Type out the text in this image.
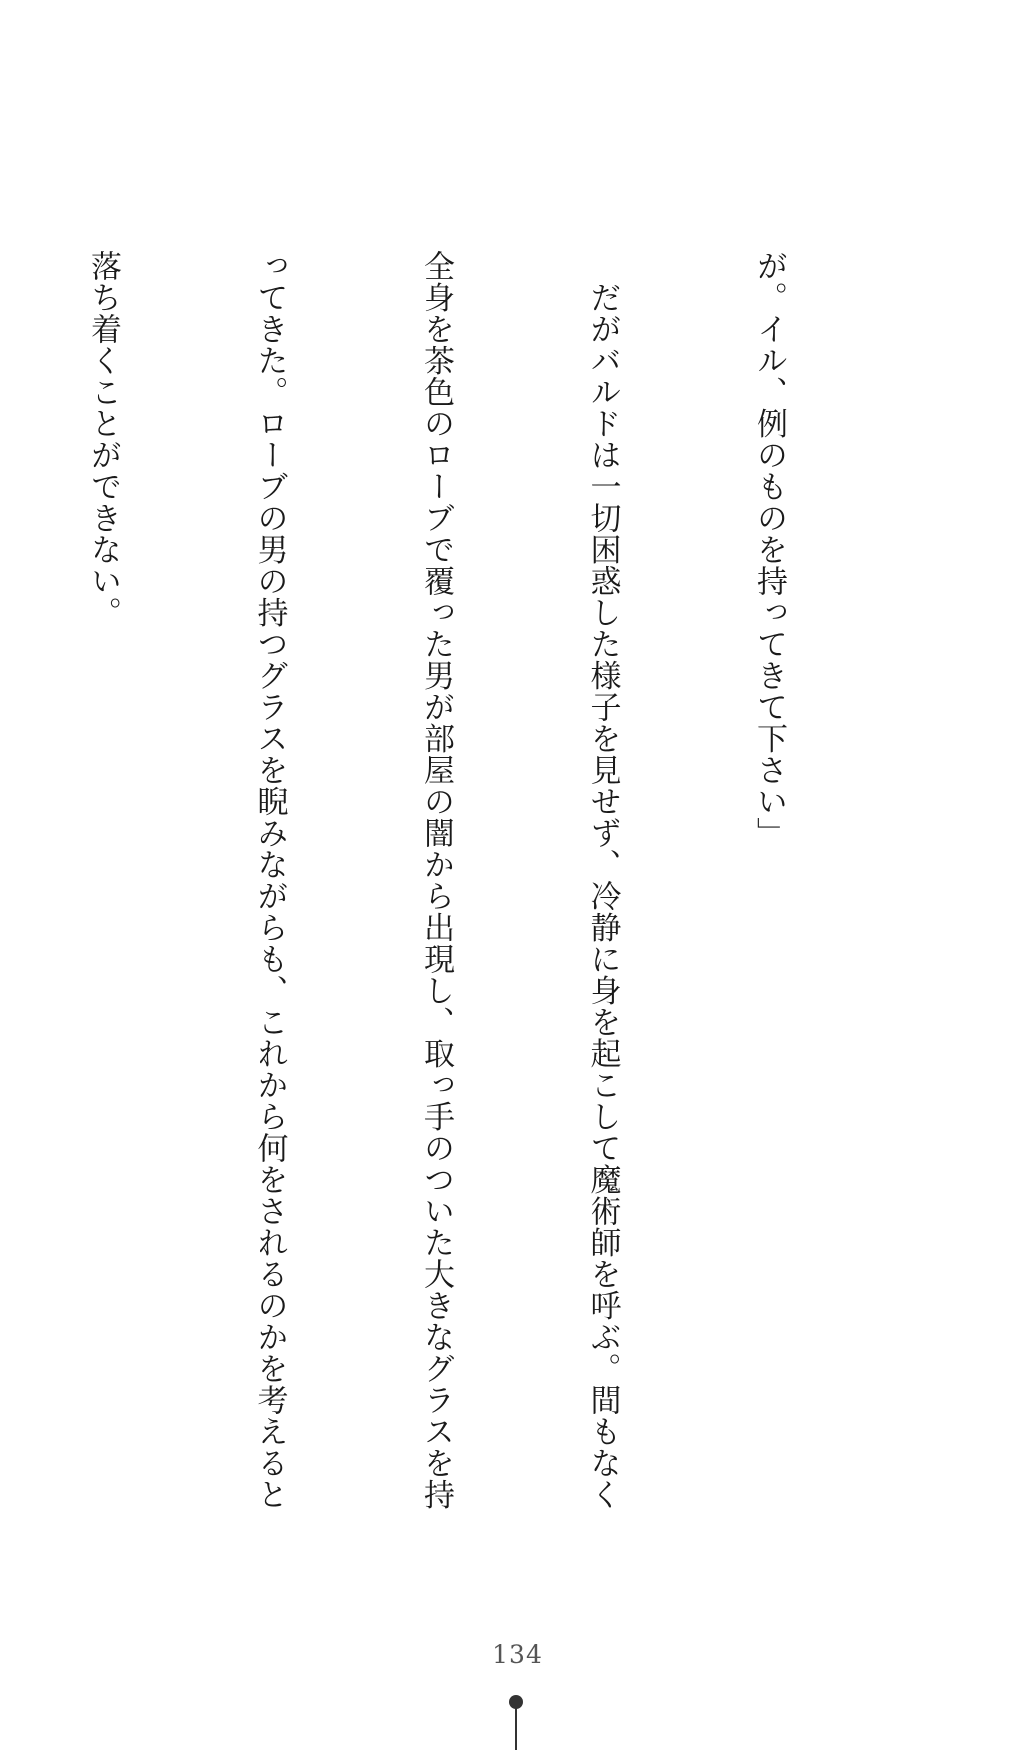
が。イル、例のものを持ってきて下さい」

　だがバルドは一切困惑した様子を見せず、冷静に身を起こして魔術師を呼ぶ。間もなく

全身を茶色のローブで覆った男が部屋の闇から出現し、取っ手のついた大きなグラスを持

ってきた。ローブの男の持つグラスを睨みながらも、これから何をされるのかを考えると

落ち着くことができない。

134
